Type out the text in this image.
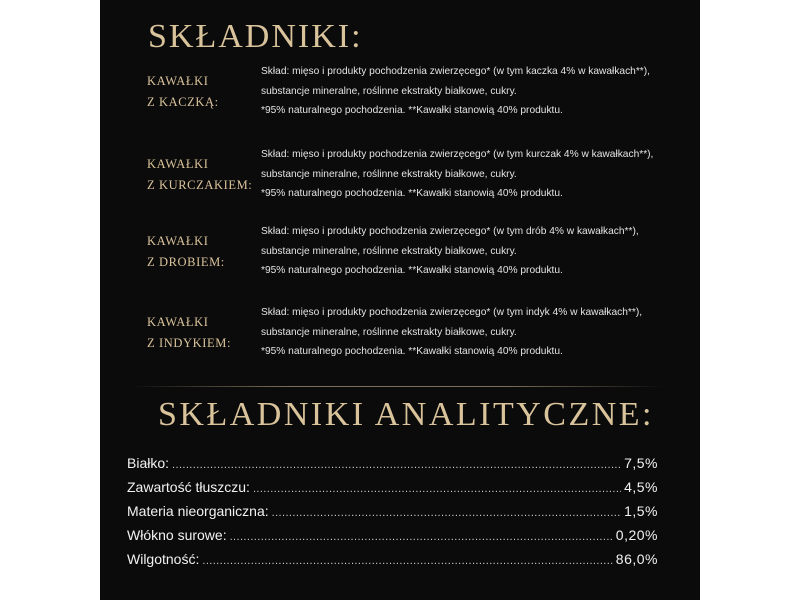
SKŁADNIKI:
KAWAŁKI
Z KACZKĄ:
Skład: mięso i produkty pochodzenia zwierzęcego* (w tym kaczka 4% w kawałkach**),
substancje mineralne, roślinne ekstrakty białkowe, cukry.
*95% naturalnego pochodzenia. **Kawałki stanowią 40% produktu.
KAWAŁKI
Z KURCZAKIEM:
Skład: mięso i produkty pochodzenia zwierzęcego* (w tym kurczak 4% w kawałkach**),
substancje mineralne, roślinne ekstrakty białkowe, cukry.
*95% naturalnego pochodzenia. **Kawałki stanowią 40% produktu.
KAWAŁKI
Z DROBIEM:
Skład: mięso i produkty pochodzenia zwierzęcego* (w tym drób 4% w kawałkach**),
substancje mineralne, roślinne ekstrakty białkowe, cukry.
*95% naturalnego pochodzenia. **Kawałki stanowią 40% produktu.
KAWAŁKI
Z INDYKIEM:
Skład: mięso i produkty pochodzenia zwierzęcego* (w tym indyk 4% w kawałkach**),
substancje mineralne, roślinne ekstrakty białkowe, cukry.
*95% naturalnego pochodzenia. **Kawałki stanowią 40% produktu.
SKŁADNIKI ANALITYCZNE:
Białko: .....	7,5%
Zawartość tłuszczu: .....	4,5%
Materia nieorganiczna: .....	1,5%
Włókno surowe: .....	0,20%
Wilgotność: .....	86,0%
